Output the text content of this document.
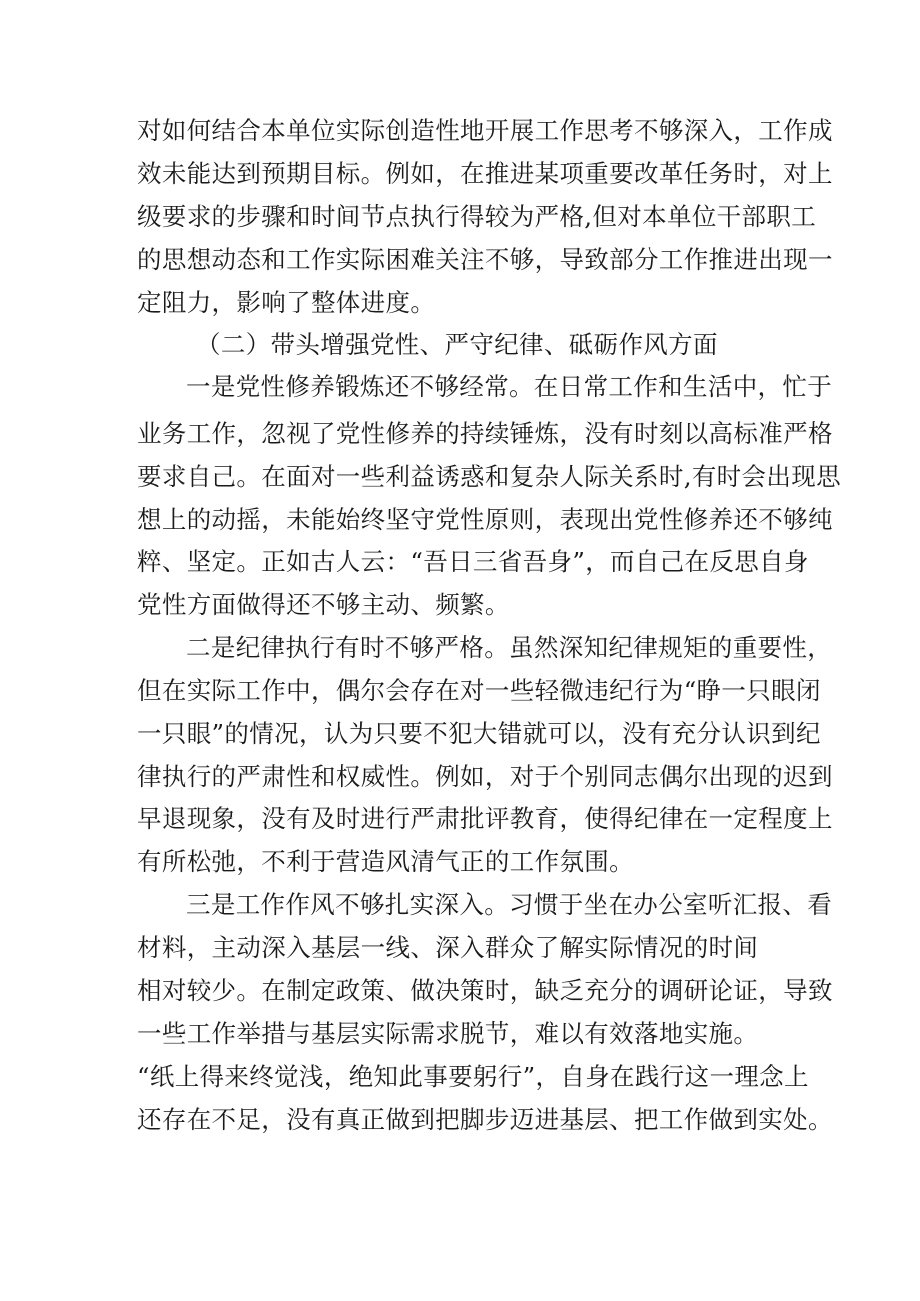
对如何结合本单位实际创造性地开展工作思考不够深入，工作成
效未能达到预期目标。例如，在推进某项重要改革任务时，对上
级要求的步骤和时间节点执行得较为严格,但对本单位干部职工
的思想动态和工作实际困难关注不够，导致部分工作推进出现一
定阻力，影响了整体进度。
（二）带头增强党性、严守纪律、砥砺作风方面
一是党性修养锻炼还不够经常。在日常工作和生活中，忙于
业务工作，忽视了党性修养的持续锤炼，没有时刻以高标准严格
要求自己。在面对一些利益诱惑和复杂人际关系时,有时会出现思
想上的动摇，未能始终坚守党性原则，表现出党性修养还不够纯
粹、坚定。正如古人云：“吾日三省吾身”，而自己在反思自身
党性方面做得还不够主动、频繁。
二是纪律执行有时不够严格。虽然深知纪律规矩的重要性，
但在实际工作中，偶尔会存在对一些轻微违纪行为“睁一只眼闭
一只眼”的情况，认为只要不犯大错就可以，没有充分认识到纪
律执行的严肃性和权威性。例如，对于个别同志偶尔出现的迟到
早退现象，没有及时进行严肃批评教育，使得纪律在一定程度上
有所松弛，不利于营造风清气正的工作氛围。
三是工作作风不够扎实深入。习惯于坐在办公室听汇报、看
材料，主动深入基层一线、深入群众了解实际情况的时间
相对较少。在制定政策、做决策时，缺乏充分的调研论证，导致
一些工作举措与基层实际需求脱节，难以有效落地实施。
“纸上得来终觉浅，绝知此事要躬行”，自身在践行这一理念上
还存在不足，没有真正做到把脚步迈进基层、把工作做到实处。
